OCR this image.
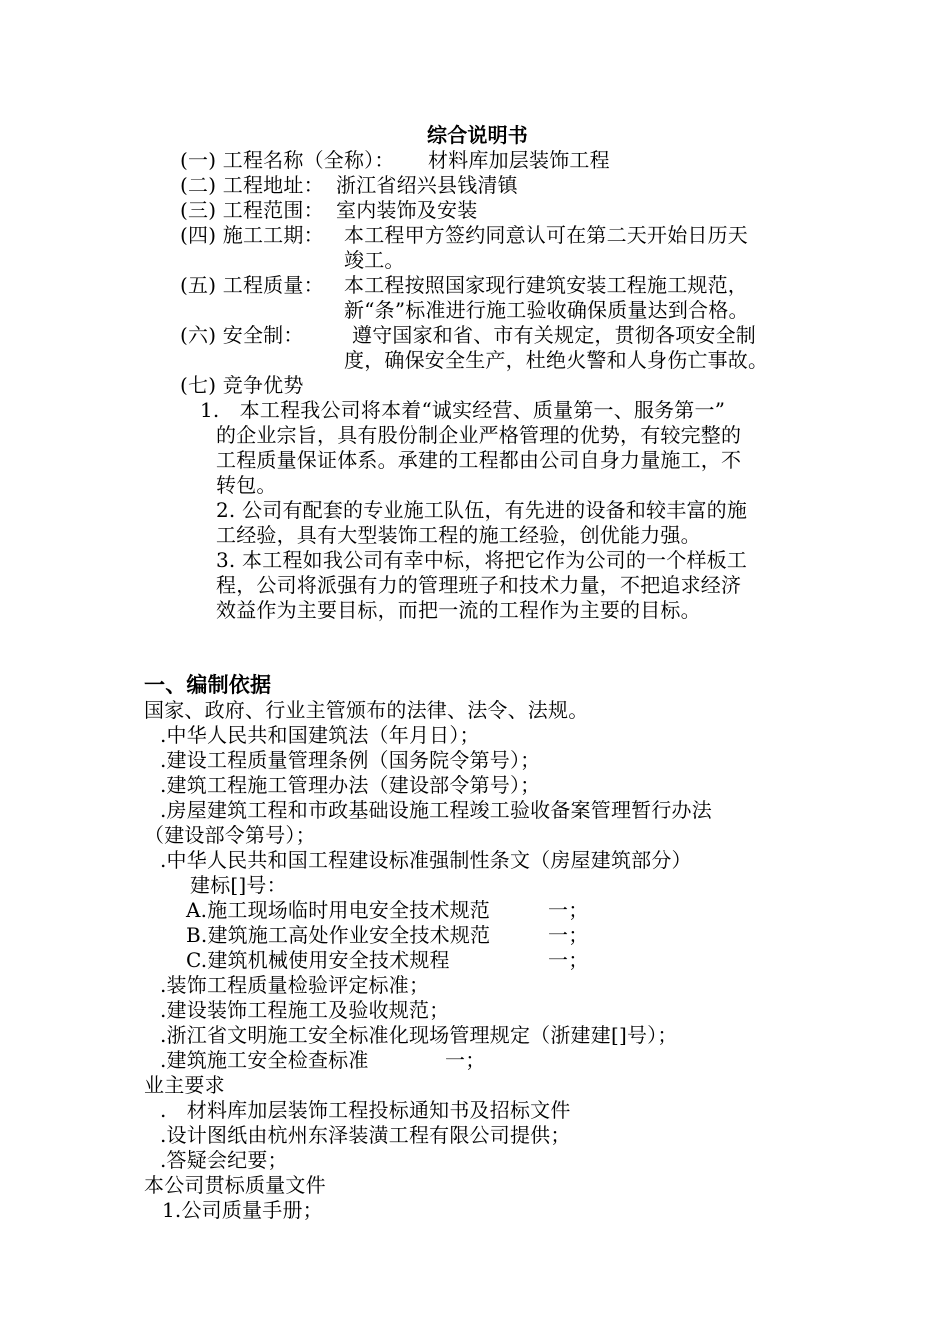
综合说明书
(一) 工程名称（全称）： 材料库加层装饰工程
(二) 工程地址： 浙江省绍兴县钱清镇
(三) 工程范围： 室内装饰及安装
(四) 施工工期： 本工程甲方签约同意认可在第二天开始日历天
竣工。
(五) 工程质量： 本工程按照国家现行建筑安装工程施工规范，
新“条”标准进行施工验收确保质量达到合格。
(六) 安全制： 遵守国家和省、市有关规定，贯彻各项安全制
度，确保安全生产，杜绝火警和人身伤亡事故。
(七) 竞争优势
1.　本工程我公司将本着“诚实经营、质量第一、服务第一”
的企业宗旨，具有股份制企业严格管理的优势，有较完整的
工程质量保证体系。承建的工程都由公司自身力量施工，不
转包。
2. 公司有配套的专业施工队伍，有先进的设备和较丰富的施
工经验，具有大型装饰工程的施工经验，创优能力强。
3. 本工程如我公司有幸中标，将把它作为公司的一个样板工
程，公司将派强有力的管理班子和技术力量，不把追求经济
效益作为主要目标，而把一流的工程作为主要的目标。
一、编制依据
国家、政府、行业主管颁布的法律、法令、法规。
.中华人民共和国建筑法（年月日）；
.建设工程质量管理条例（国务院令第号）；
.建筑工程施工管理办法（建设部令第号）；
.房屋建筑工程和市政基础设施工程竣工验收备案管理暂行办法
（建设部令第号）；
.中华人民共和国工程建设标准强制性条文（房屋建筑部分）
建标[]号：
A.施工现场临时用电安全技术规范	一；
B.建筑施工高处作业安全技术规范	一；
C.建筑机械使用安全技术规程	一；
.装饰工程质量检验评定标准；
.建设装饰工程施工及验收规范；
.浙江省文明施工安全标准化现场管理规定（浙建建[]号）；
.建筑施工安全检查标准	一；
业主要求
.　材料库加层装饰工程投标通知书及招标文件
.设计图纸由杭州东泽装潢工程有限公司提供；
.答疑会纪要；
本公司贯标质量文件
1.公司质量手册；
